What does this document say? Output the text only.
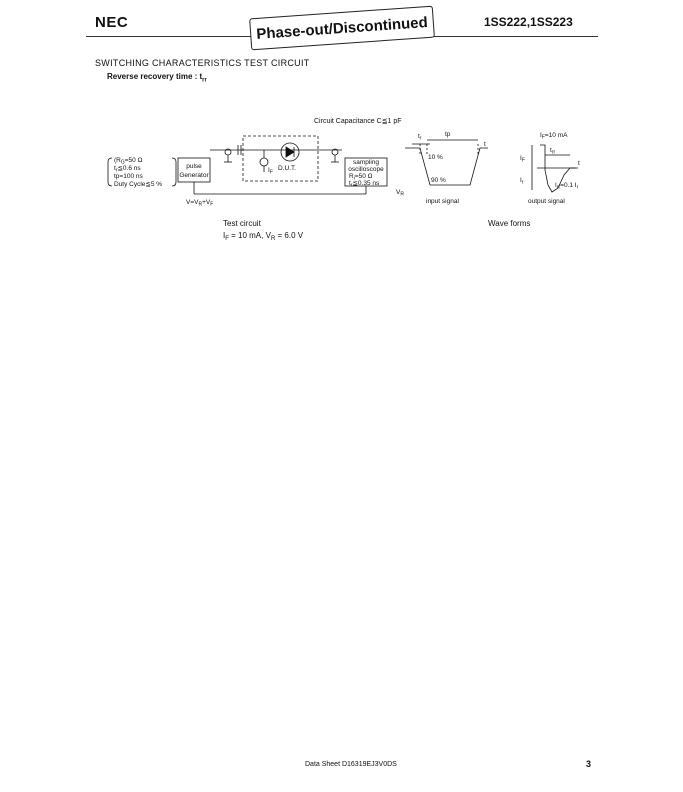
NEC	Phase-out/Discontinued	1SS222,1SS223
SWITCHING CHARACTERISTICS TEST CIRCUIT
Reverse recovery time : $t_{rr}$
Circuit Capacitance C≦1 pF
($R_G=50$ Ω
$t_r≦0.6$ ns
tp=100 ns
Duty Cycle≦5 %
pulse
Generator
D.U.T.
$I_F$
sampling
oscilloscope
$R_i=50$ Ω
$t_r≦0.35$ ns
$V=V_R+V_F$
Test circuit
$I_F = 10$ mA, $V_R = 6.0$ V
$t_r$
tp
t
10 %
90 %
$V_R$
input signal
$I_F=10$ mA
$I_F$
$I_r$
$t_{rr}$
t
$I_{rr}=0.1$ $I_r$
output signal
Wave forms
Data Sheet D16319EJ3V0DS	3
